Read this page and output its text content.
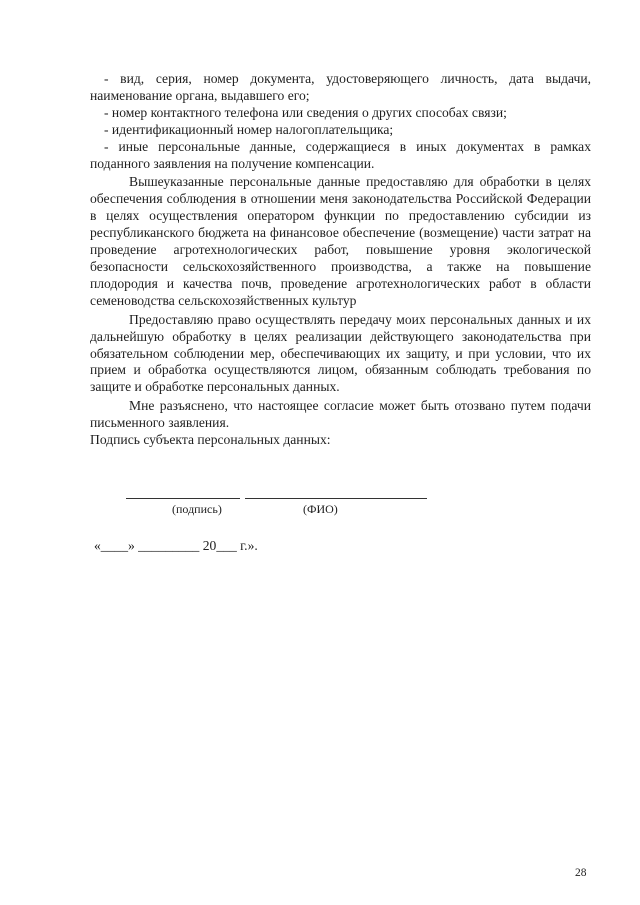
- вид, серия, номер документа, удостоверяющего личность, дата выдачи, наименование органа, выдавшего его;

- номер контактного телефона или сведения о других способах связи;

- идентификационный номер налогоплательщика;

- иные персональные данные, содержащиеся в иных документах в рамках поданного заявления на получение компенсации.

Вышеуказанные персональные данные предоставляю для обработки в целях обеспечения соблюдения в отношении меня законодательства Российской Федерации в целях осуществления оператором функции по предоставлению субсидии из республиканского бюджета на финансовое обеспечение (возмещение) части затрат на проведение агротехнологических работ, повышение уровня экологической безопасности сельскохозяйственного производства, а также на повышение плодородия и качества почв, проведение агротехнологических работ в области семеноводства сельскохозяйственных культур

Предоставляю право осуществлять передачу моих персональных данных и их дальнейшую обработку в целях реализации действующего законодательства при обязательном соблюдении мер, обеспечивающих их защиту, и при условии, что их прием и обработка осуществляются лицом, обязанным соблюдать требования по защите и обработке персональных данных.

Мне разъяснено, что настоящее согласие может быть отозвано путем подачи письменного заявления.

Подпись субъекта персональных данных:

(подпись)	(ФИО)
«____» _________ 20___ г.».
28
